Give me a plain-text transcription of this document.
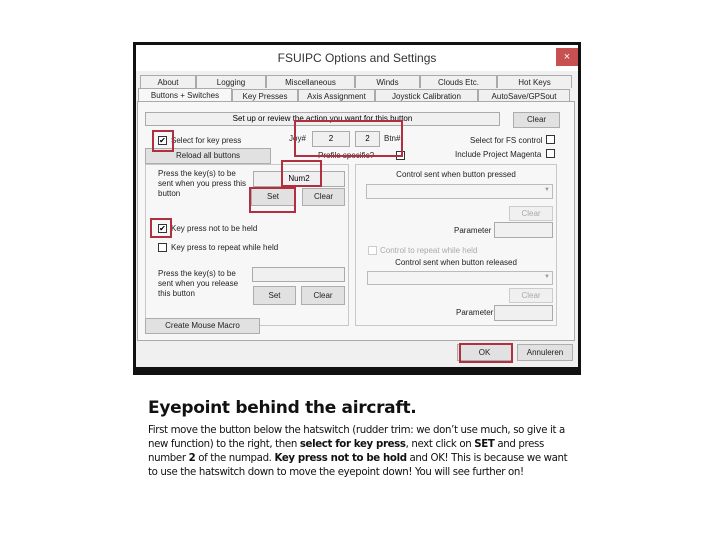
FSUIPC Options and Settings	×
About	Logging	Miscellaneous	Winds	Clouds Etc.	Hot Keys
Buttons + Switches	Key Presses	Axis Assignment	Joystick Calibration	AutoSave/GPSout
Set up or review the action you want for this button	Clear
✔ Select for key press
Reload all buttons
Joy#	2	2	Btn#
Profile specific?
Select for FS control
Include Project Magenta
Press the key(s) to be sent when you press this button
Num2
Set	Clear
✔ Key press not to be held
Key press to repeat while held
Press the key(s) to be sent when you release this button	Set	Clear
Create Mouse Macro
Control sent when button pressed
▼
Clear
Parameter
Control to repeat while held
Control sent when button released
▼
Clear
Parameter
OK	Annuleren
Eyepoint behind the aircraft.
First move the button below the hatswitch (rudder trim: we don’t use much, so give it a new function) to the right, then select for key press, next click on SET and press number 2 of the numpad. Key press not to be hold and OK! This is because we want to use the hatswitch down to move the eyepoint down! You will see further on!
